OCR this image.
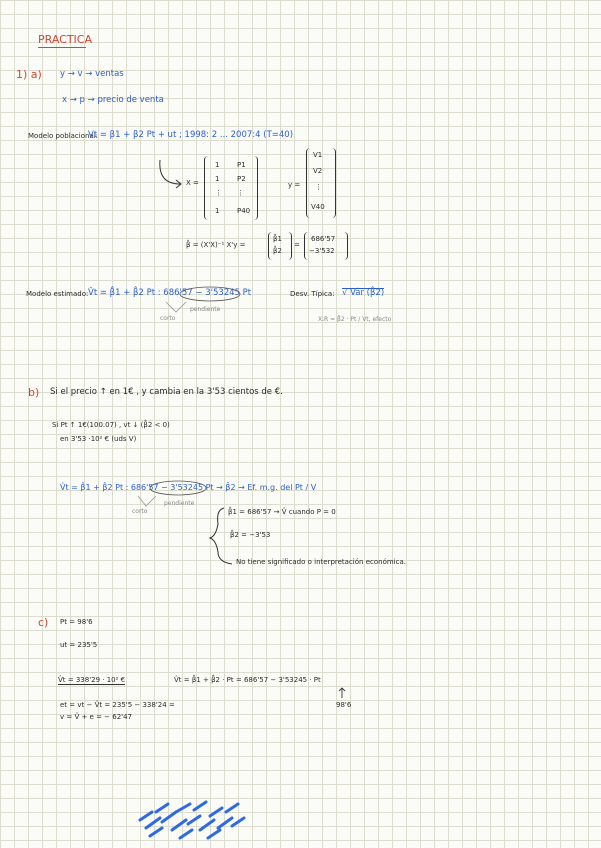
PRACTICA
1) a) y → v → ventas
x → p → precio de venta
Modelo poblacional:
Vt = β1 + β2 Pt + ut ; 1998: 2 ... 2007:4 (T=40)
X =
1	P1
1	P2
⋮ ⋮
1	P40
y =
V1
V2
⋮
V40
β̂ = (X'X)⁻¹ X'y =
β̂1
β̂2
=
686'57
−3'532
Modelo estimado: V̂t = β̂1 + β̂2 Pt : 686'57 − 3'53245 Pt
corto
pendiente
Desv. Típica: √ Vâr (β̂2)
X.R = β̂2 · Pt / Vt, efecto
b) Si el precio ↑ en 1€ , y cambia en la 3'53 cientos de €.
Si Pt ↑ 1€(100.07) , vt ↓ (β̂2 < 0)
en 3'53 ·10² € (uds V)
V̂t = β̂1 + β̂2 Pt : 686'57 − 3'53245 Pt → β̂2 → Ef. m.g. del Pt / V
corto
pendiente
β̂1 = 686'57 → V̂ cuando P = 0
β̂2 = −3'53
No tiene significado o interpretación económica.
c) Pt = 98'6
ut = 235'5
V̂t = 338'29 · 10² €	V̂t = β̂1 + β̂2 · Pt = 686'57 − 3'53245 · Pt
98'6
et = vt − V̂t = 235'5 − 338'24 =
v = V̂ + e = − 62'47
